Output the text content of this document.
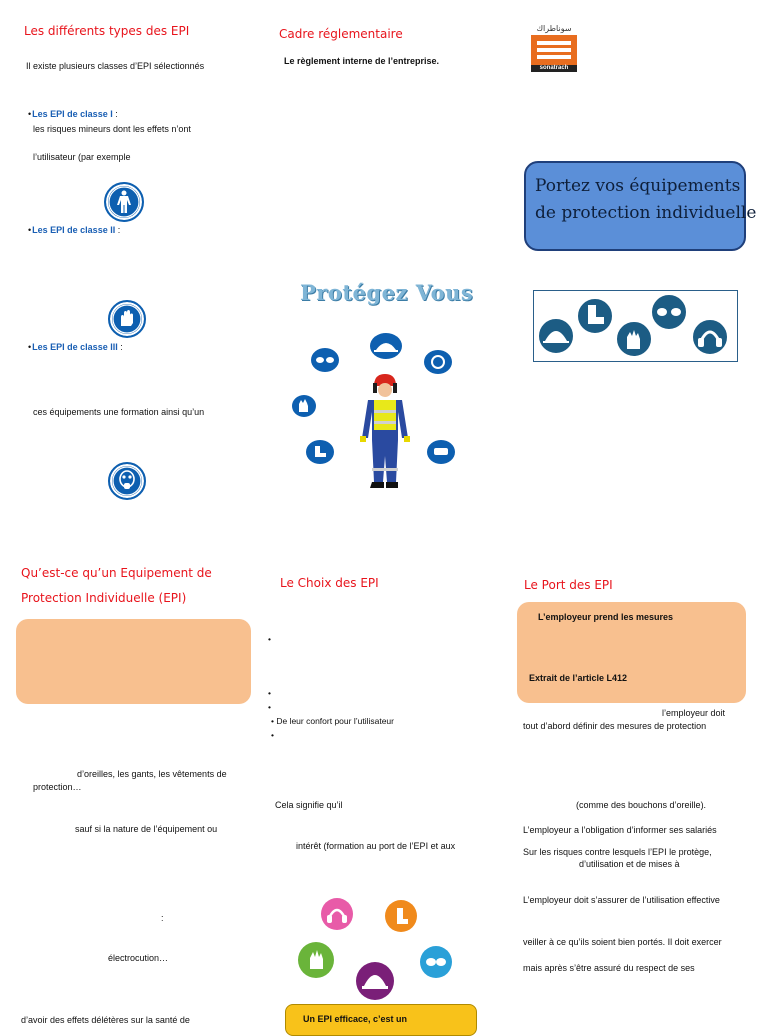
Les différents types des EPI
Il existe plusieurs classes d’EPI sélectionnés
• Les EPI de classe I :
les risques mineurs dont les effets n’ont
l’utilisateur (par exemple
• Les EPI de classe II :
• Les EPI de classe III :
ces équipements une formation ainsi qu’un
Cadre réglementaire
Le règlement interne de l’entreprise.
Protégez Vous
سوناطراك
sonatrach
Portez vos équipements
de protection individuelle
Qu’est-ce qu’un Equipement de
Protection Individuelle (EPI)
d’oreilles, les gants, les vêtements de
protection…
sauf si la nature de l’équipement ou
:
électrocution…
d’avoir des effets délétères sur la santé de
Le Choix des EPI
•
•
•
• De leur confort pour l’utilisateur
•
Cela signifie qu’il
intérêt (formation au port de l’EPI et aux
Un EPI efficace, c’est un
Le Port des EPI
L’employeur prend les mesures
Extrait de l’article L412
l’employeur doit
tout d’abord définir des mesures de protection
(comme des bouchons d’oreille).
L’employeur a l’obligation d’informer ses salariés
Sur les risques contre lesquels l’EPI le protège,
d’utilisation et de mises à
L’employeur doit s’assurer de l’utilisation effective
veiller à ce qu’ils soient bien portés. Il doit exercer
mais après s’être assuré du respect de ses
